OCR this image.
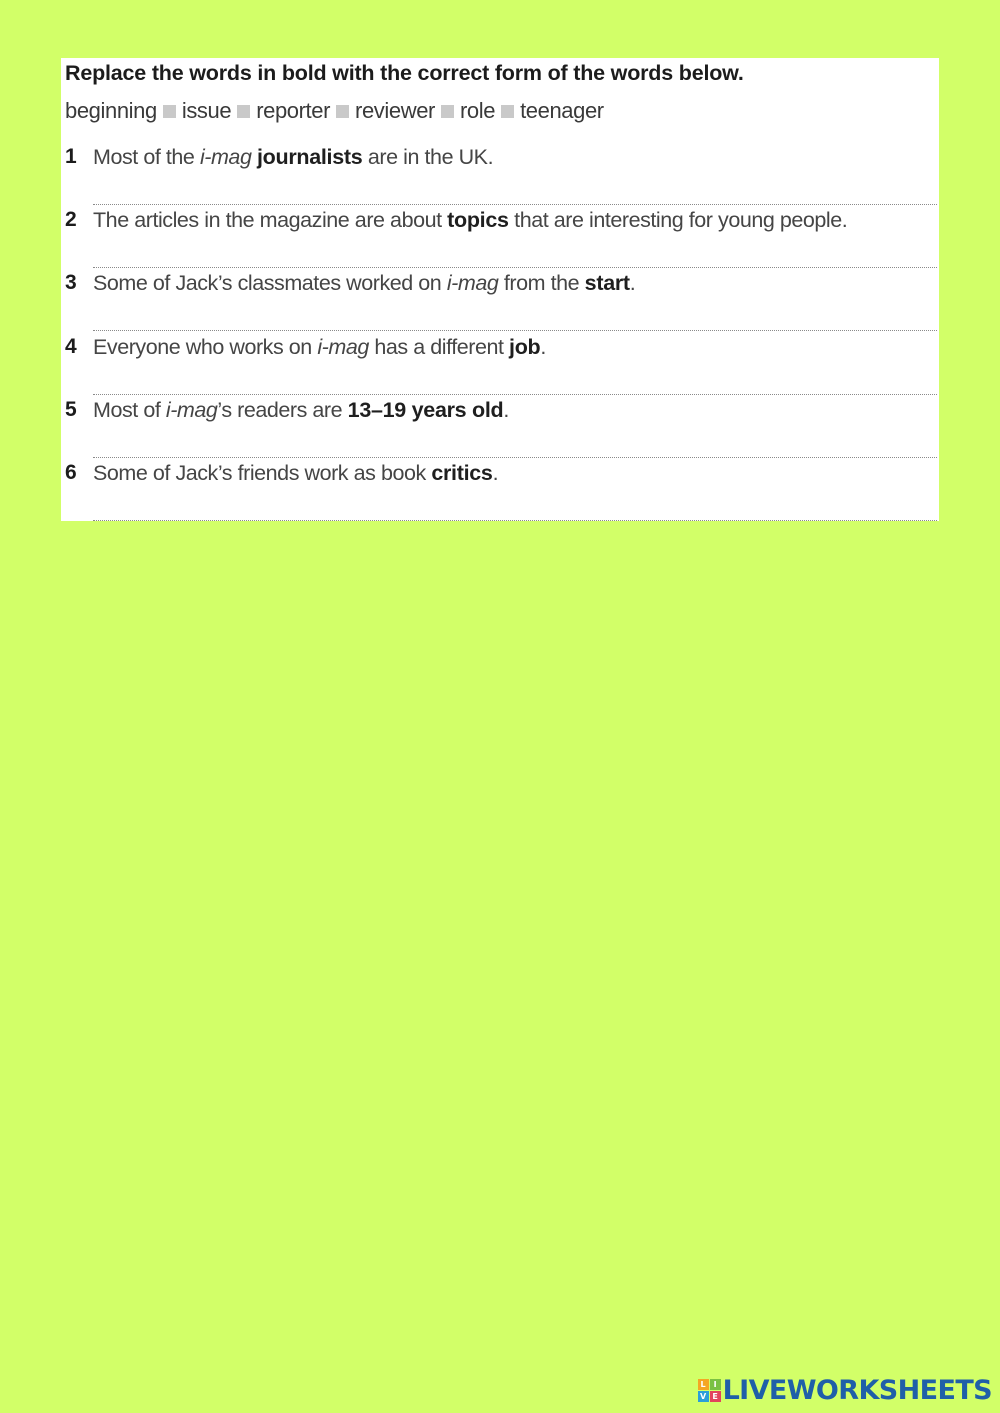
Replace the words in bold with the correct form of the words below.
beginning issue reporter reviewer role teenager
1 Most of the i-mag journalists are in the UK.
2 The articles in the magazine are about topics that are interesting for young people.
3 Some of Jack’s classmates worked on i-mag from the start.
4 Everyone who works on i-mag has a different job.
5 Most of i-mag’s readers are 13–19 years old.
6 Some of Jack’s friends work as book critics.
L I
V E LIVEWORKSHEETS
